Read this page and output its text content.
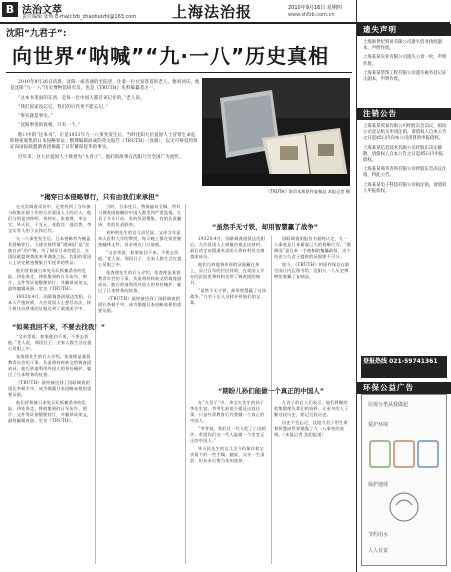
B 法治文萃
责任编辑 张辉 E-mail:fzb_zhaohuizhi@163.com 上海法治报	2010年9月16日 星期四
www.shfzb.com.cn
沈阳“九君子”:
向世界“呐喊”“九·一八”历史真相

2010年8月26日清晨，沈阳一座普通的宅院里，住着一位白发苍苍的老人，他叫刘庆。他是沈阳“九·一八”历史博物馆研究员，也是《TRUTH》史料编纂者之一。

“这本书里面的东西，是每一位中国人都应该记住的。”老人说。

“我们国家没忘记，我们的后代更不能忘记。”

“事实就是事实。”

“沈阳事变的真相，只有一个。”

他口中的“这本书”，正是1931年九一八事变发生后，当时沈阳九位爱国人士冒着生命危险秘密收集的日本侵略罪证，整理编辑而成的英文报告《TRUTH》（真相），以无可辩驳的铁证向国际联盟调查团揭露了日军蓄谋侵华的事实。

近年来，这九位爱国人士被誉为“九君子”。他们的故事在沈阳乃至全国广为流传。

《TRUTH》影印本和原件复制品 本报记者 摄
“揭穿日本侵略罪行，只有由我们来承担”

在这次调查采访中，记者找到了当年参与收集证据工作的九位爱国人士的后人。他们分别是刘仲明、刘仲宣、张查理、李宝实、毕天民、于光元、张韵泠、邵信普、李宝实等人的子女和后代。

九一八事变发生后，日本侵略者为掩盖其侵略罪行，大肆宣扬所谓“满洲国”是“民族自决”的产物。为了揭穿日本的谎言，在国际联盟调查团来华调查之际，沈阳的爱国人士决定秘密搜集日军侵华的铁证。

他们冒着被日本宪兵队抓捕杀害的危险，四处奔走，将收集到的日军布告、照片、文件等证据整理装订，并翻译成英文，最终编辑成册，定名《TRUTH》。

1932年4月，国联调查团抵达沈阳，日本人严密封锁，九位爱国人士想尽办法，终于将这份厚重的证据送到了调查团手中。

当时，日本宪兵、特务遍布全城。所有与调查团接触的中国人都受到严密监视。九君子分头行动，有的负责搜集，有的负责翻译，有的负责联络。

刘仲明先生的女儿回忆说，父亲当年是奉天医科大学的教授，每天晚上都在家里秘密翻译文件，母亲则在门口放哨。

“父亲常说，如果他回不来，不要去找他。”老人说，那段日子，全家人都生活在提心吊胆之中。

张查理先生的后人介绍，张查理是基督教青年会的干事，负责将材料转交给调查团成员。他巧妙地利用外国人的身份掩护，躲过了日本特务的检查。

《TRUTH》最终被送到了国联调查团团长李顿手中，成为揭露日本侵略真相的重要证据。

“如果我回不来，不要去找我！”

“父亲常说，如果他回不来，不要去找他。”老人说，那段日子，全家人都生活在提心吊胆之中。

张查理先生的后人介绍，张查理是基督教青年会的干事，负责将材料转交给调查团成员。他巧妙地利用外国人的身份掩护，躲过了日本特务的检查。

《TRUTH》最终被送到了国联调查团团长李顿手中，成为揭露日本侵略真相的重要证据。

他们冒着被日本宪兵队抓捕杀害的危险，四处奔走，将收集到的日军布告、照片、文件等证据整理装订，并翻译成英文，最终编辑成册，定名《TRUTH》。

“虽然手无寸铁，却用智慧赢了战争”

1932年4月，国联调查团抵达沈阳后，九位爱国人士商量由谁去送材料。最后决定由精通英语的人将材料送交调查团成员。

他们巧妙地将厚厚的证据藏在身上，穿过日军的层层封锁，在英国人开办的医院里将材料交给了调查团的秘书。

“虽然手无寸铁，却用智慧赢了这场战争。”九君子后人这样评价他们的父辈。

国联调查团报告书最终认定，九一八事变是日本蓄谋已久的侵略行为，“满洲国”是日本一手炮制的傀儡政权。这个结论与九君子提供的证据密不可分。

如今，《TRUTH》的原件保存在联合国日内瓦图书馆，沈阳九一八历史博物馆收藏了复制品。

“期盼儿孙们能做一个真正的中国人”

在“九君子”中，李宝实先生的孙子李先生说，爷爷生前很少提及这段往事，只是经常教育后代要做一个真正的中国人。

“爷爷说，我们这一代人吃了亡国的苦，希望你们这一代人能做一个堂堂正正的中国人。”

毕天民先生的女儿至今仍保存着父亲留下的一些手稿。她说，父亲一生清贫，但从未后悔当年的选择。

九君子的后人们表示，他们将继续收集整理先辈们的资料，让更多的人了解这段历史，铭记这段历史。

历史不会忘记，沈阳九君子用生命和智慧向世界揭露了九一八事变的真相。（本报记者 沈阳报道）

遗失声明

上海新世纪贸易有限公司遗失营业执照副本，声明作废。

上海某某实业有限公司遗失公章一枚，声明作废。

上海某某装饰工程有限公司遗失税务登记证正副本，声明作废。

注销公告

上海某某贸易有限公司经股东会决议，拟向公司登记机关申请注销，请债权人自本公告之日起45日内向本公司清算组申报债权。

上海某某信息技术有限公司经股东决定解散，请债权人自本公告之日起45日内申报债权。

上海某某商务咨询有限公司经股东会决议注销，特此公告。

上海某某电子科技有限公司拟注销，请债权人申报债权。

登报热线 021-59741361
环保公益广告
垃圾分类从我做起
爱护环境
保护地球
节约用水
人人有责
